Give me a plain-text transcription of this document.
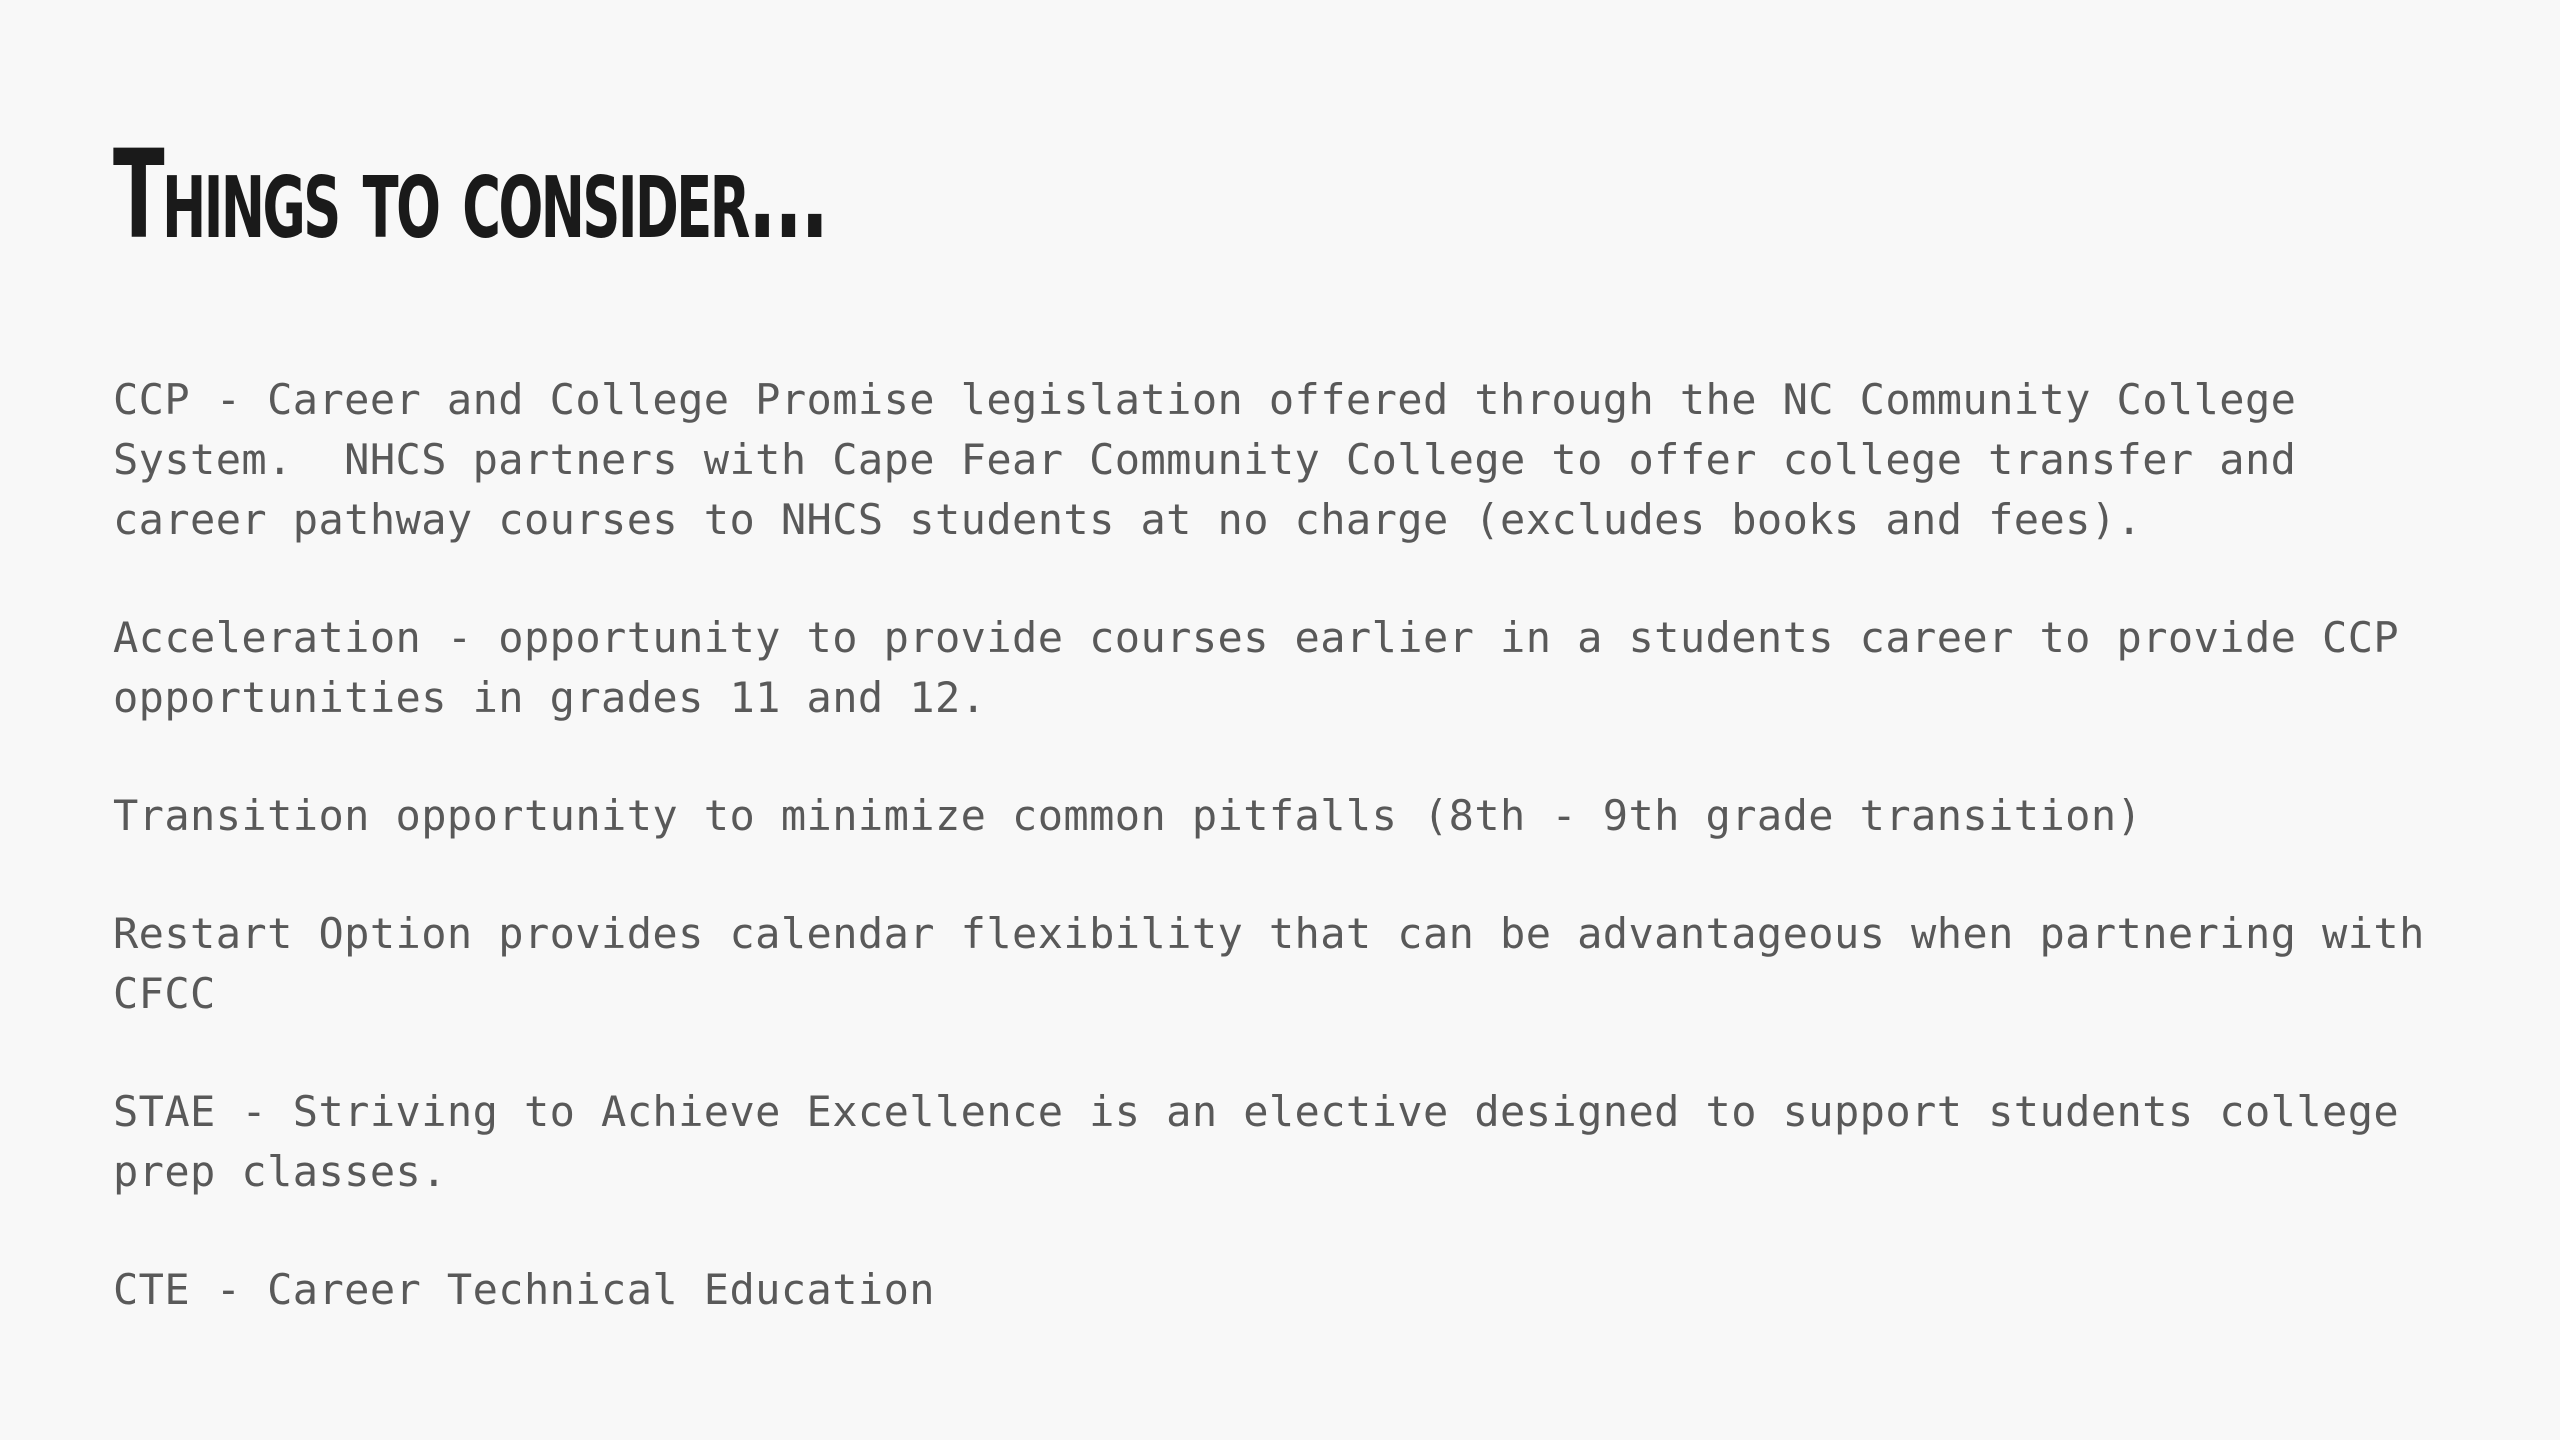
Things to consider...
CCP - Career and College Promise legislation offered through the NC Community College
System.  NHCS partners with Cape Fear Community College to offer college transfer and
career pathway courses to NHCS students at no charge (excludes books and fees).
Acceleration - opportunity to provide courses earlier in a students career to provide CCP
opportunities in grades 11 and 12.
Transition opportunity to minimize common pitfalls (8th - 9th grade transition)
Restart Option provides calendar flexibility that can be advantageous when partnering with
CFCC
STAE - Striving to Achieve Excellence is an elective designed to support students college
prep classes.
CTE - Career Technical Education
